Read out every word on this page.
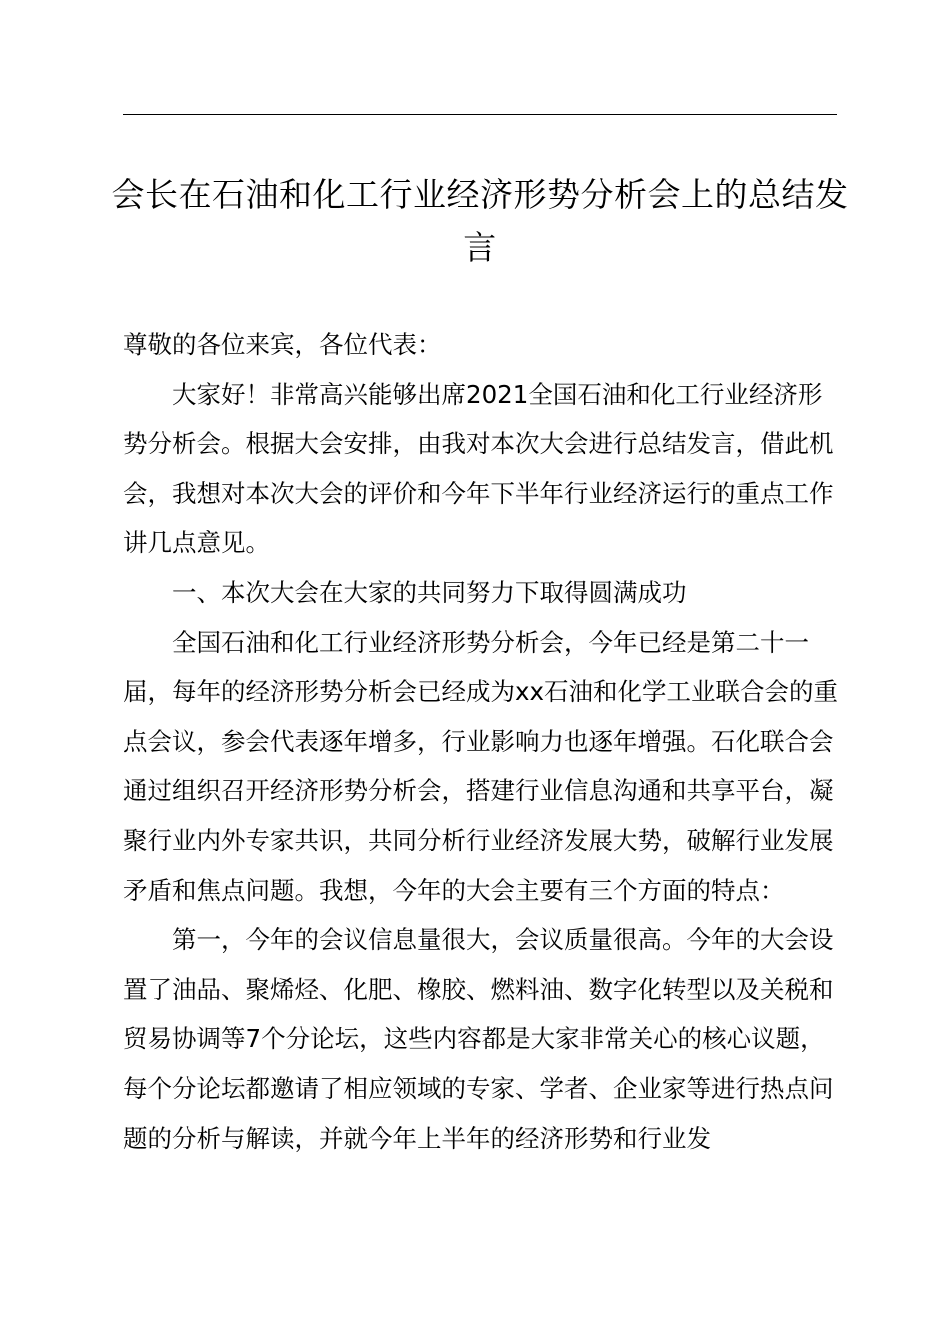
会长在石油和化工行业经济形势分析会上的总结发言

尊敬的各位来宾，各位代表：

大家好！非常高兴能够出席2021全国石油和化工行业经济形势分析会。根据大会安排，由我对本次大会进行总结发言，借此机会，我想对本次大会的评价和今年下半年行业经济运行的重点工作讲几点意见。

一、本次大会在大家的共同努力下取得圆满成功

全国石油和化工行业经济形势分析会，今年已经是第二十一届，每年的经济形势分析会已经成为xx石油和化学工业联合会的重点会议，参会代表逐年增多，行业影响力也逐年增强。石化联合会通过组织召开经济形势分析会，搭建行业信息沟通和共享平台，凝聚行业内外专家共识，共同分析行业经济发展大势，破解行业发展矛盾和焦点问题。我想，今年的大会主要有三个方面的特点：

第一，今年的会议信息量很大，会议质量很高。今年的大会设置了油品、聚烯烃、化肥、橡胶、燃料油、数字化转型以及关税和贸易协调等7个分论坛，这些内容都是大家非常关心的核心议题，每个分论坛都邀请了相应领域的专家、学者、企业家等进行热点问题的分析与解读，并就今年上半年的经济形势和行业发
